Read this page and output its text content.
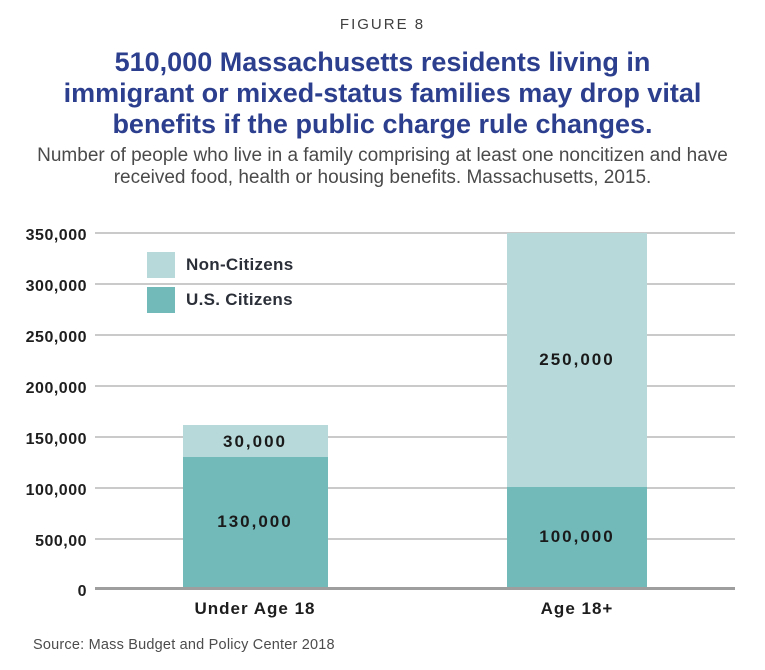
FIGURE 8
510,000 Massachusetts residents living in
immigrant or mixed-status families may drop vital
benefits if the public charge rule changes.
Number of people who live in a family comprising at least one noncitizen and have
received food, health or housing benefits. Massachusetts, 2015.
350,000
300,000
250,000
200,000
150,000
100,000
500,00
0
Non-Citizens
U.S. Citizens
30,000
130,000
Under Age 18
250,000
100,000
Age 18+
Source: Mass Budget and Policy Center 2018
